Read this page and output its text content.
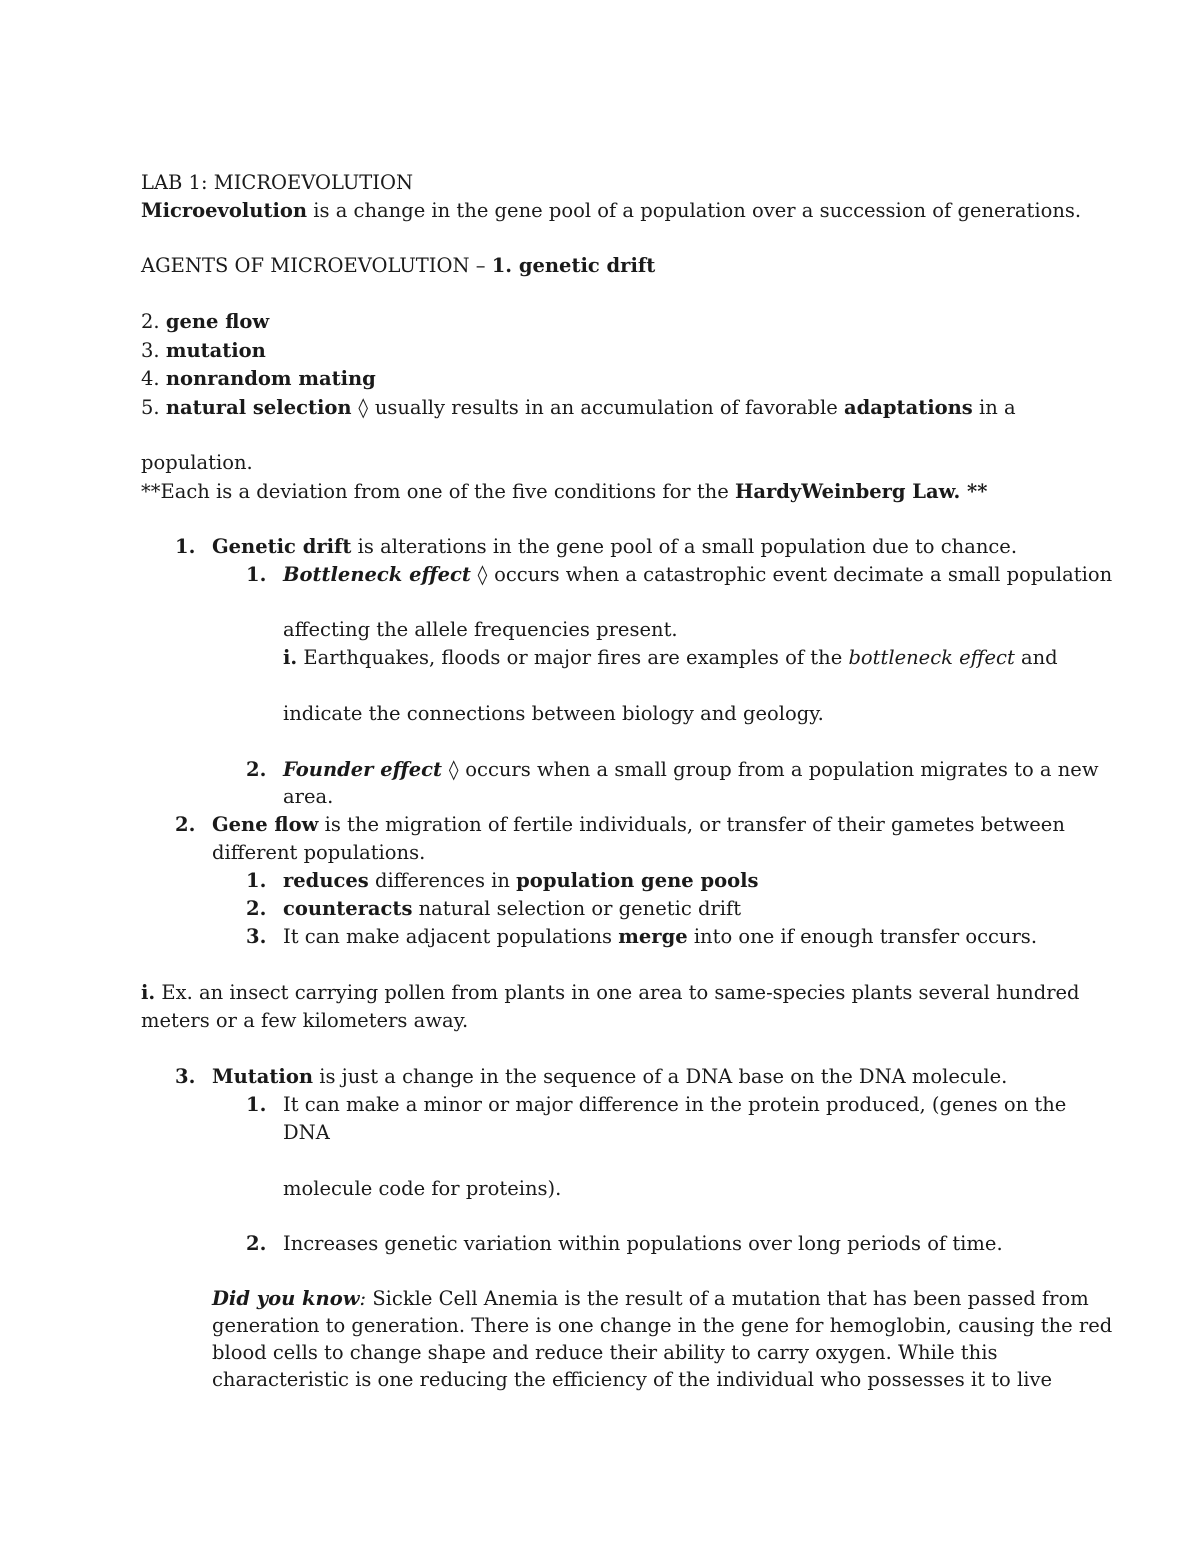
LAB 1: MICROEVOLUTION

Microevolution is a change in the gene pool of a population over a succession of generations.

AGENTS OF MICROEVOLUTION – 1. genetic drift

2. gene flow

3. mutation

4. nonrandom mating

5. natural selection ◊ usually results in an accumulation of favorable adaptations in a

population.

**Each is a deviation from one of the five conditions for the HardyWeinberg Law. **

1. Genetic drift is alterations in the gene pool of a small population due to chance.

1. Bottleneck effect ◊ occurs when a catastrophic event decimate a small population

affecting the allele frequencies present.

i. Earthquakes, floods or major fires are examples of the bottleneck effect and

indicate the connections between biology and geology.

2. Founder effect ◊ occurs when a small group from a population migrates to a new

area.

2. Gene flow is the migration of fertile individuals, or transfer of their gametes between

different populations.

1. reduces differences in population gene pools

2. counteracts natural selection or genetic drift

3. It can make adjacent populations merge into one if enough transfer occurs.

i. Ex. an insect carrying pollen from plants in one area to same-species plants several hundred

meters or a few kilometers away.

3. Mutation is just a change in the sequence of a DNA base on the DNA molecule.

1. It can make a minor or major difference in the protein produced, (genes on the

DNA

molecule code for proteins).

2. Increases genetic variation within populations over long periods of time.

Did you know: Sickle Cell Anemia is the result of a mutation that has been passed from

generation to generation. There is one change in the gene for hemoglobin, causing the red

blood cells to change shape and reduce their ability to carry oxygen. While this

characteristic is one reducing the efficiency of the individual who possesses it to live
